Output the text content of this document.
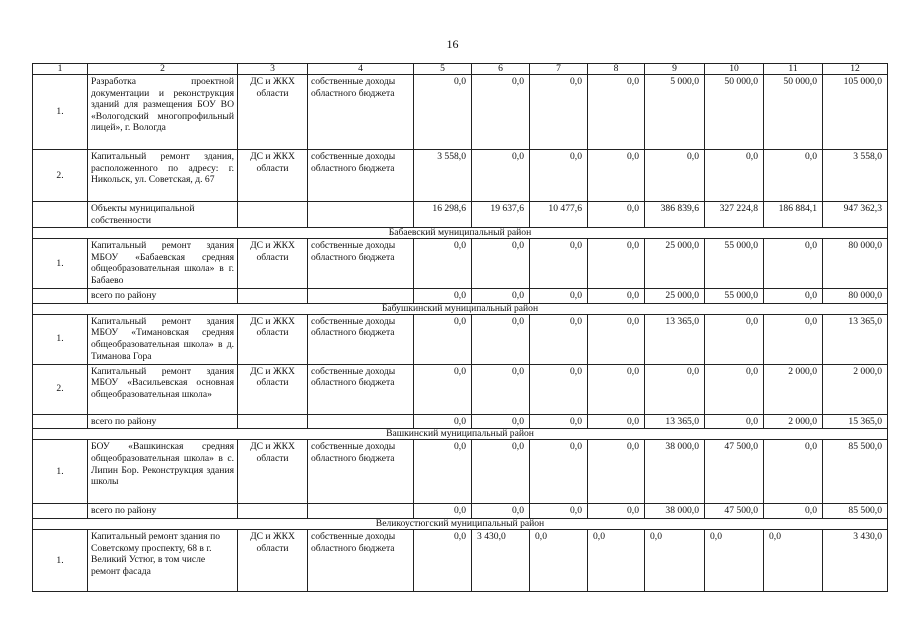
16
1	2	3	4	5	6	7	8	9	10	11	12
1.	Разработка проектной документации и реконструкция зданий для размещения БОУ ВО «Вологодский многопрофильный лицей», г. Вологда	ДС и ЖКХ области	собственные доходы областного бюджета	0,0	0,0	0,0	0,0	5 000,0	50 000,0	50 000,0	105 000,0
2.	Капитальный ремонт здания, расположенного по адресу: г. Никольск, ул. Советская, д. 67	ДС и ЖКХ области	собственные доходы областного бюджета	3 558,0	0,0	0,0	0,0	0,0	0,0	0,0	3 558,0
	Объекты муниципальной собственности			16 298,6	19 637,6	10 477,6	0,0	386 839,6	327 224,8	186 884,1	947 362,3
Бабаевский муниципальный район											
1.	Капитальный ремонт здания МБОУ «Бабаевская средняя общеобразовательная школа» в г. Бабаево	ДС и ЖКХ области	собственные доходы областного бюджета	0,0	0,0	0,0	0,0	25 000,0	55 000,0	0,0	80 000,0
	всего по району			0,0	0,0	0,0	0,0	25 000,0	55 000,0	0,0	80 000,0
Бабушкинский муниципальный район											
1.	Капитальный ремонт здания МБОУ «Тимановская средняя общеобразовательная школа» в д. Тиманова Гора	ДС и ЖКХ области	собственные доходы областного бюджета	0,0	0,0	0,0	0,0	13 365,0	0,0	0,0	13 365,0
2.	Капитальный ремонт здания МБОУ «Васильевская основная общеобразовательная школа»	ДС и ЖКХ области	собственные доходы областного бюджета	0,0	0,0	0,0	0,0	0,0	0,0	2 000,0	2 000,0
	всего по району			0,0	0,0	0,0	0,0	13 365,0	0,0	2 000,0	15 365,0
Вашкинский муниципальный район											
1.	БОУ «Вашкинская средняя общеобразовательная школа» в с. Липин Бор. Реконструкция здания школы	ДС и ЖКХ области	собственные доходы областного бюджета	0,0	0,0	0,0	0,0	38 000,0	47 500,0	0,0	85 500,0
	всего по району			0,0	0,0	0,0	0,0	38 000,0	47 500,0	0,0	85 500,0
Великоустюгский муниципальный район											
1.	Капитальный ремонт здания по Советскому проспекту, 68 в г. Великий Устюг, в том числе ремонт фасада	ДС и ЖКХ области	собственные доходы областного бюджета	0,0	3 430,0	0,0	0,0	0,0	0,0	0,0	3 430,0
